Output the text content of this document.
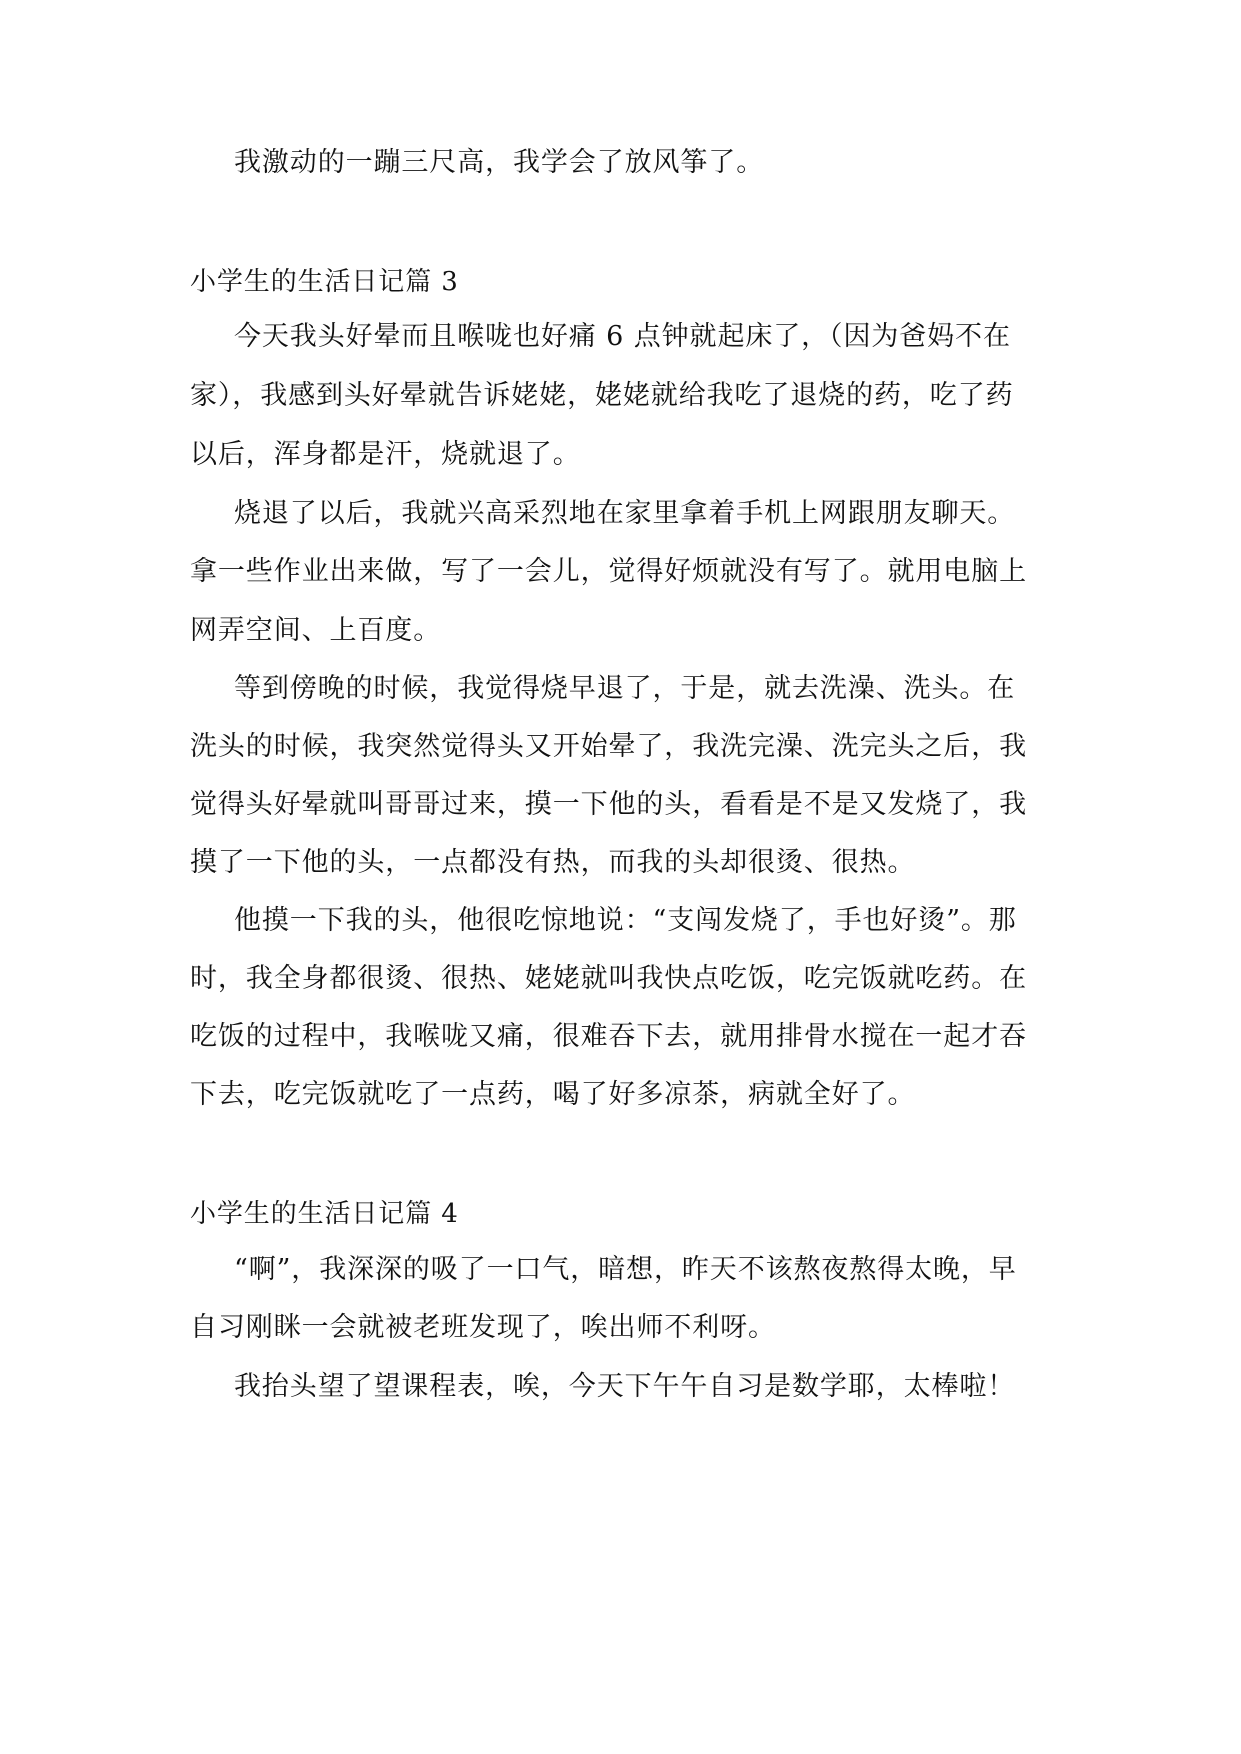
我激动的一蹦三尺高，我学会了放风筝了。
小学生的生活日记篇 3
今天我头好晕而且喉咙也好痛 6 点钟就起床了，（因为爸妈不在
家），我感到头好晕就告诉姥姥，姥姥就给我吃了退烧的药，吃了药
以后，浑身都是汗，烧就退了。
烧退了以后，我就兴高采烈地在家里拿着手机上网跟朋友聊天。
拿一些作业出来做，写了一会儿，觉得好烦就没有写了。就用电脑上
网弄空间、上百度。
等到傍晚的时候，我觉得烧早退了，于是，就去洗澡、洗头。在
洗头的时候，我突然觉得头又开始晕了，我洗完澡、洗完头之后，我
觉得头好晕就叫哥哥过来，摸一下他的头，看看是不是又发烧了，我
摸了一下他的头，一点都没有热，而我的头却很烫、很热。
他摸一下我的头，他很吃惊地说：“支闯发烧了，手也好烫”。那
时，我全身都很烫、很热、姥姥就叫我快点吃饭，吃完饭就吃药。在
吃饭的过程中，我喉咙又痛，很难吞下去，就用排骨水搅在一起才吞
下去，吃完饭就吃了一点药，喝了好多凉茶，病就全好了。
小学生的生活日记篇 4
“啊”，我深深的吸了一口气，暗想，昨天不该熬夜熬得太晚，早
自习刚眯一会就被老班发现了，唉出师不利呀。
我抬头望了望课程表，唉，今天下午午自习是数学耶，太棒啦！
